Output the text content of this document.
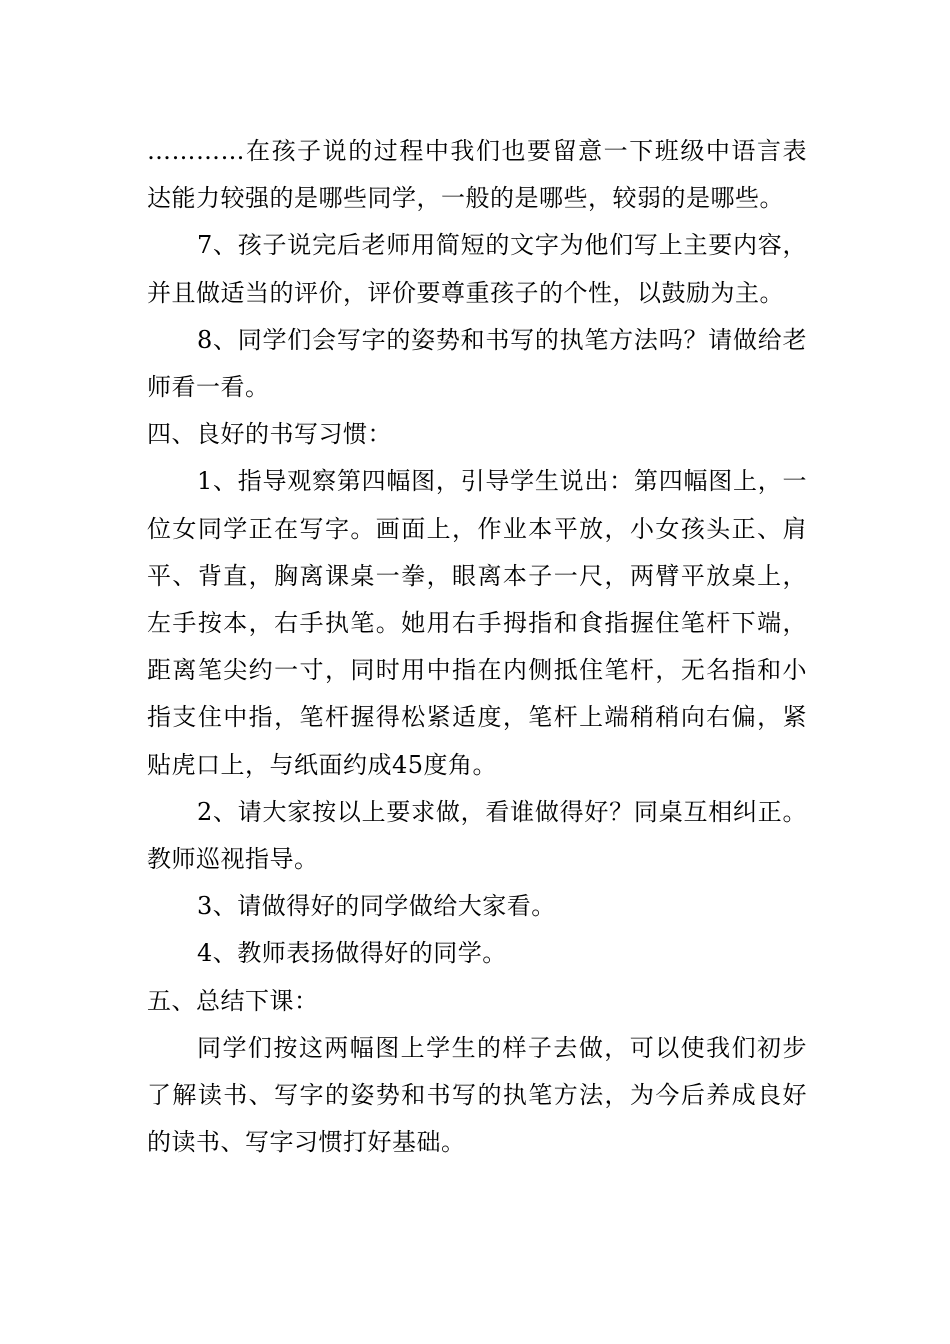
…………在孩子说的过程中我们也要留意一下班级中语言表达能力较强的是哪些同学，一般的是哪些，较弱的是哪些。

7、孩子说完后老师用简短的文字为他们写上主要内容，并且做适当的评价，评价要尊重孩子的个性，以鼓励为主。

8、同学们会写字的姿势和书写的执笔方法吗？请做给老师看一看。

四、良好的书写习惯：

1、指导观察第四幅图，引导学生说出：第四幅图上，一位女同学正在写字。画面上，作业本平放，小女孩头正、肩平、背直，胸离课桌一拳，眼离本子一尺，两臂平放桌上，左手按本，右手执笔。她用右手拇指和食指握住笔杆下端，距离笔尖约一寸，同时用中指在内侧抵住笔杆，无名指和小指支住中指，笔杆握得松紧适度，笔杆上端稍稍向右偏，紧贴虎口上，与纸面约成45度角。

2、请大家按以上要求做，看谁做得好？同桌互相纠正。教师巡视指导。

3、请做得好的同学做给大家看。

4、教师表扬做得好的同学。

五、总结下课：

同学们按这两幅图上学生的样子去做，可以使我们初步了解读书、写字的姿势和书写的执笔方法，为今后养成良好的读书、写字习惯打好基础。
